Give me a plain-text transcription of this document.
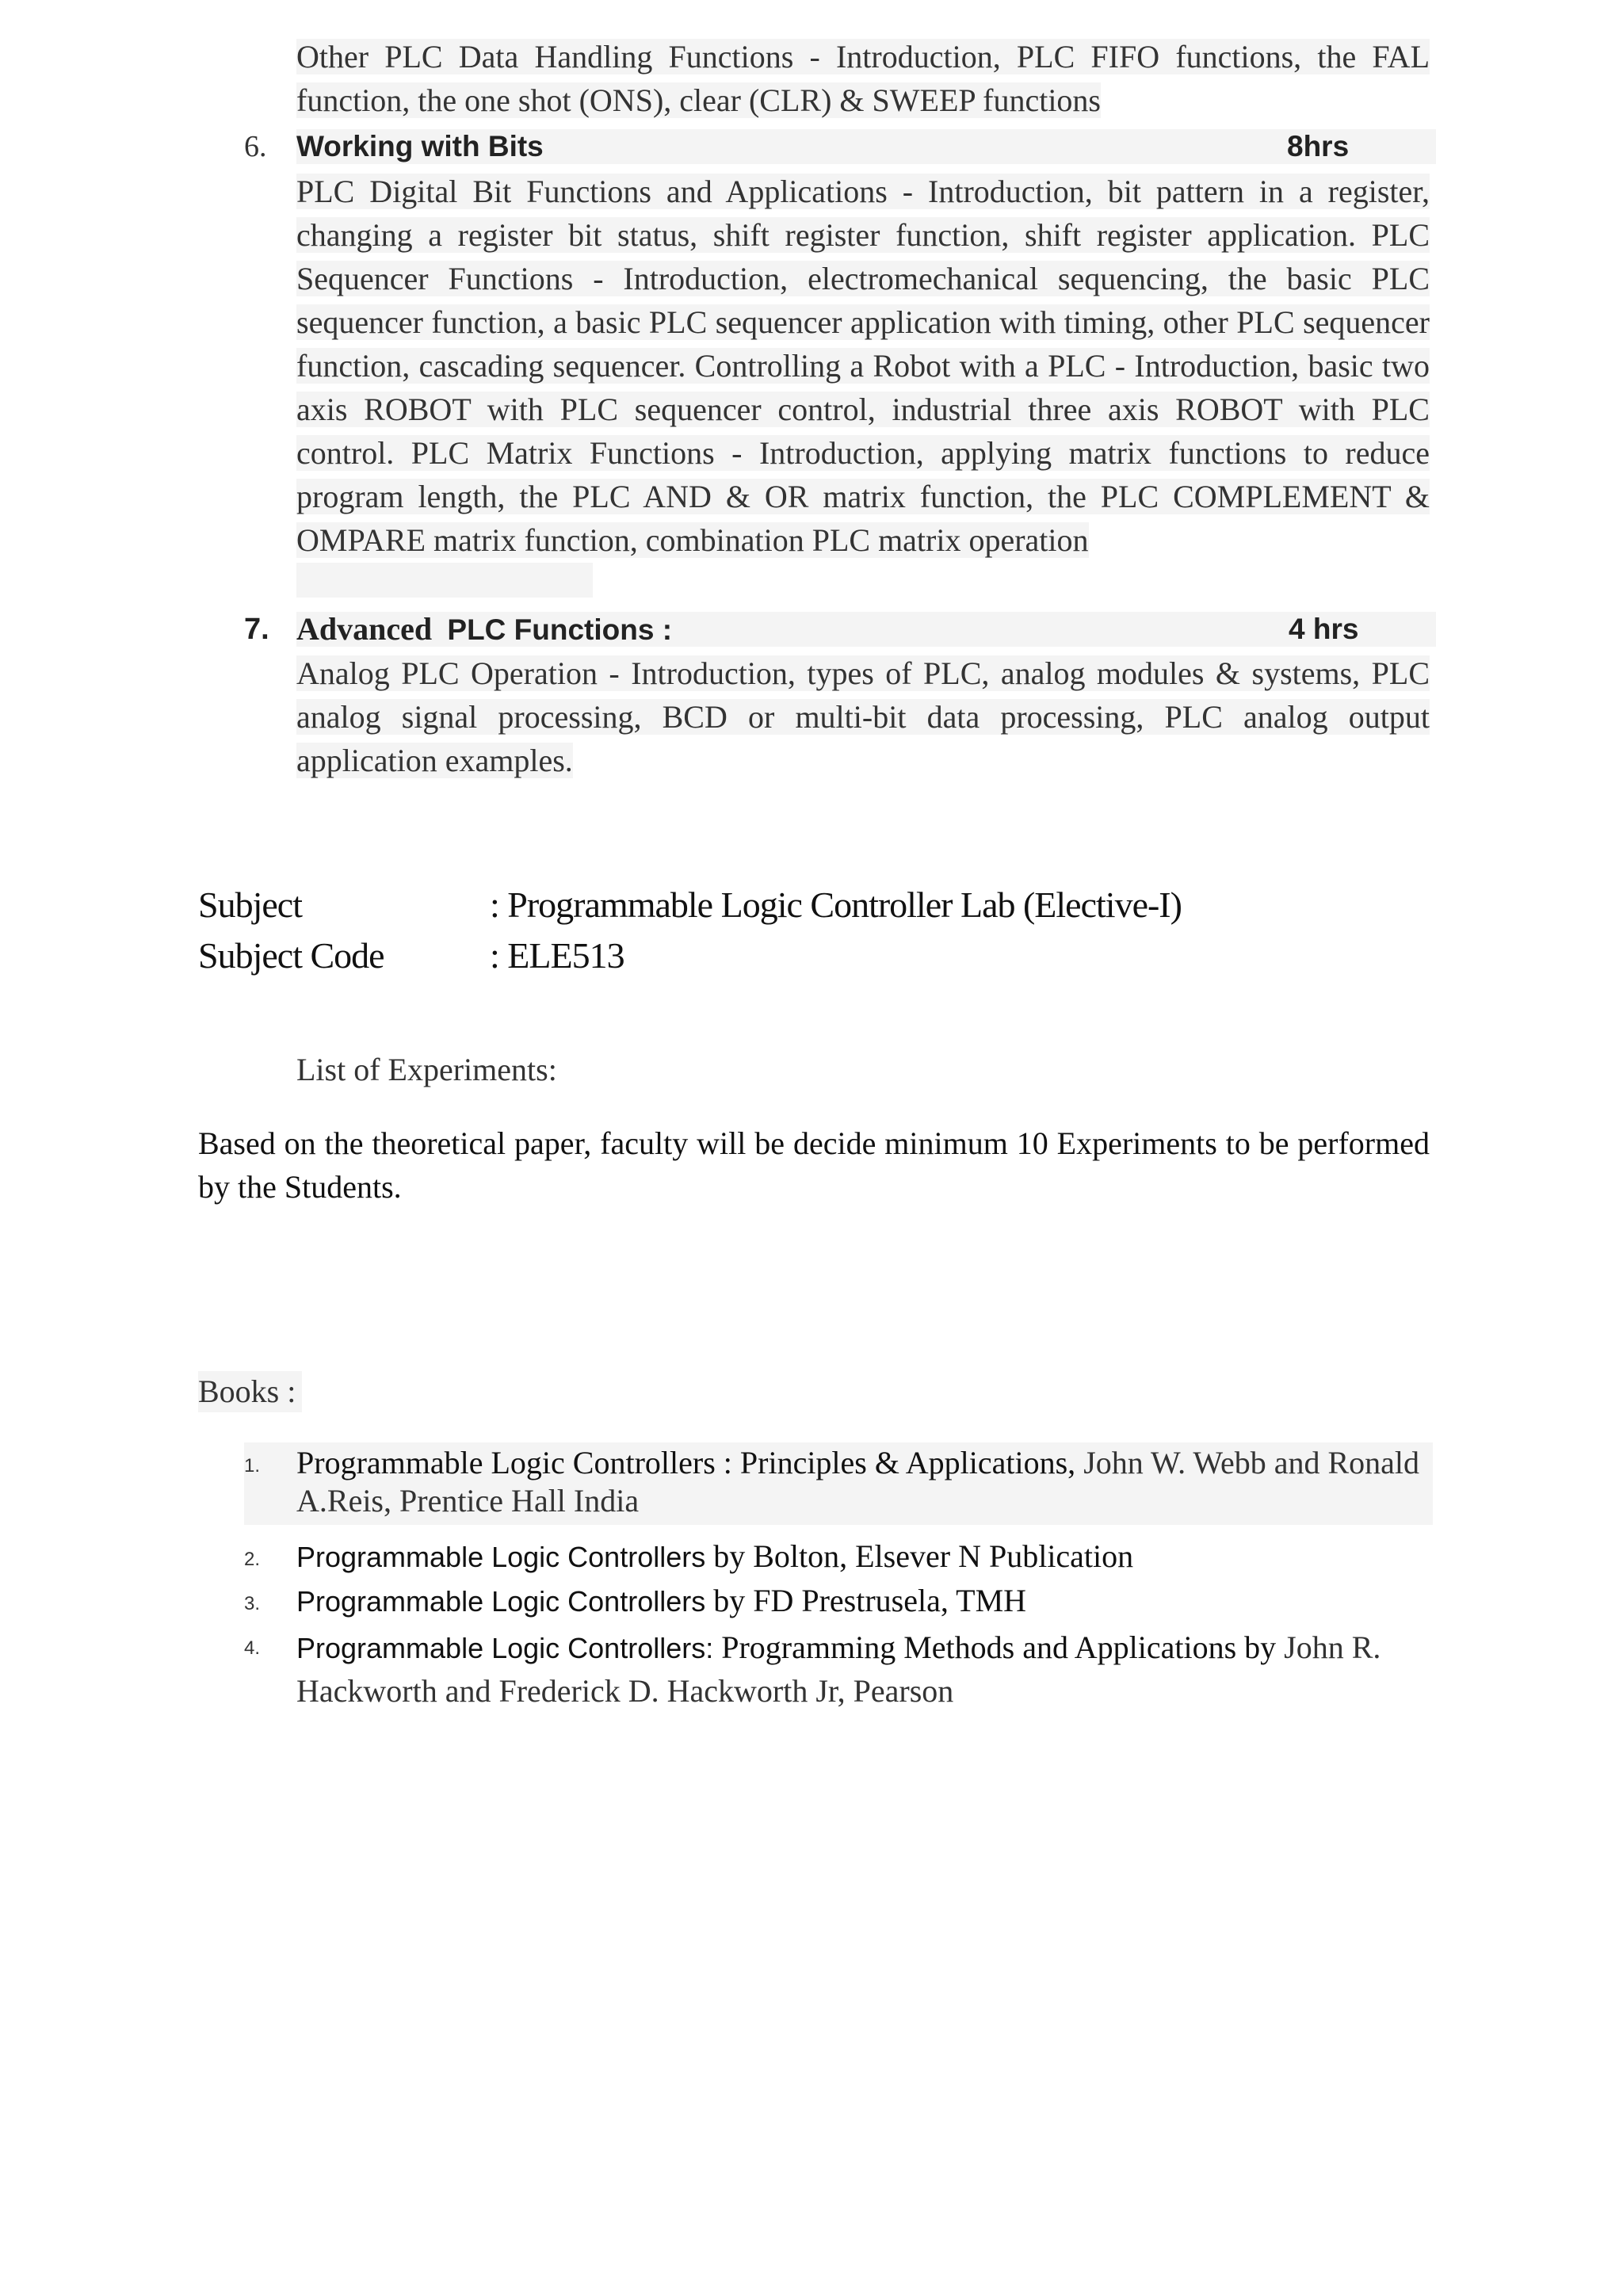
Other PLC Data Handling Functions - Introduction, PLC FIFO functions, the FAL function, the one shot (ONS), clear (CLR) & SWEEP functions
6. Working with Bits	8hrs
PLC Digital Bit Functions and Applications - Introduction, bit pattern in a register, changing a register bit status, shift register function, shift register application. PLC Sequencer Functions - Introduction, electromechanical sequencing, the basic PLC sequencer function, a basic PLC sequencer application with timing, other PLC sequencer function, cascading sequencer. Controlling a Robot with a PLC - Introduction, basic two axis ROBOT with PLC sequencer control, industrial three axis ROBOT with PLC control. PLC Matrix Functions - Introduction, applying matrix functions to reduce program length, the PLC AND & OR matrix function, the PLC COMPLEMENT & OMPARE matrix function, combination PLC matrix operation
7. Advanced PLC Functions :	4 hrs
Analog PLC Operation - Introduction, types of PLC, analog modules & systems, PLC analog signal processing, BCD or multi-bit data processing, PLC analog output application examples.
Subject	: Programmable Logic Controller Lab (Elective-I)
Subject Code	: ELE513
List of Experiments:
Based on the theoretical paper, faculty will be decide minimum 10 Experiments to be performed by the Students.
Books :
1. Programmable Logic Controllers : Principles & Applications, John W. Webb and Ronald A.Reis, Prentice Hall India
2. Programmable Logic Controllers by Bolton, Elsever N Publication
3. Programmable Logic Controllers by FD Prestrusela, TMH
4. Programmable Logic Controllers: Programming Methods and Applications by John R. Hackworth and Frederick D. Hackworth Jr, Pearson
